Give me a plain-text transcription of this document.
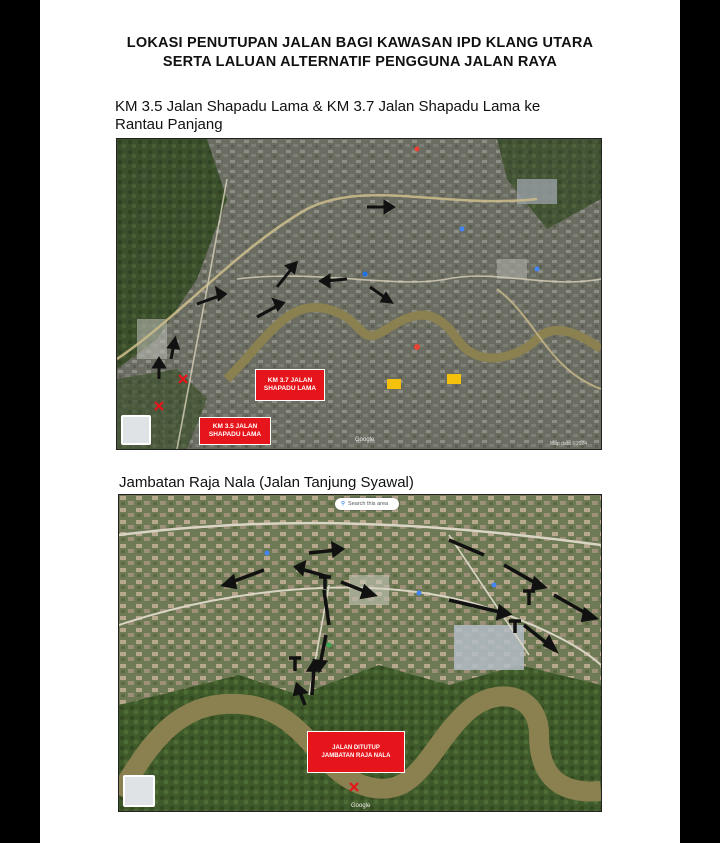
LOKASI PENUTUPAN JALAN BAGI KAWASAN IPD KLANG UTARA
SERTA LALUAN ALTERNATIF PENGGUNA JALAN RAYA
KM 3.5 Jalan Shapadu Lama & KM 3.7 Jalan Shapadu Lama ke
Rantau Panjang
Map data ©2024
Google
KM 3.7 JALAN
SHAPADU LAMA
KM 3.5 JALAN
SHAPADU LAMA
Jambatan Raja Nala (Jalan Tanjung Syawal)
Google
⚲ Search this area
JALAN DITUTUP
JAMBATAN RAJA NALA
